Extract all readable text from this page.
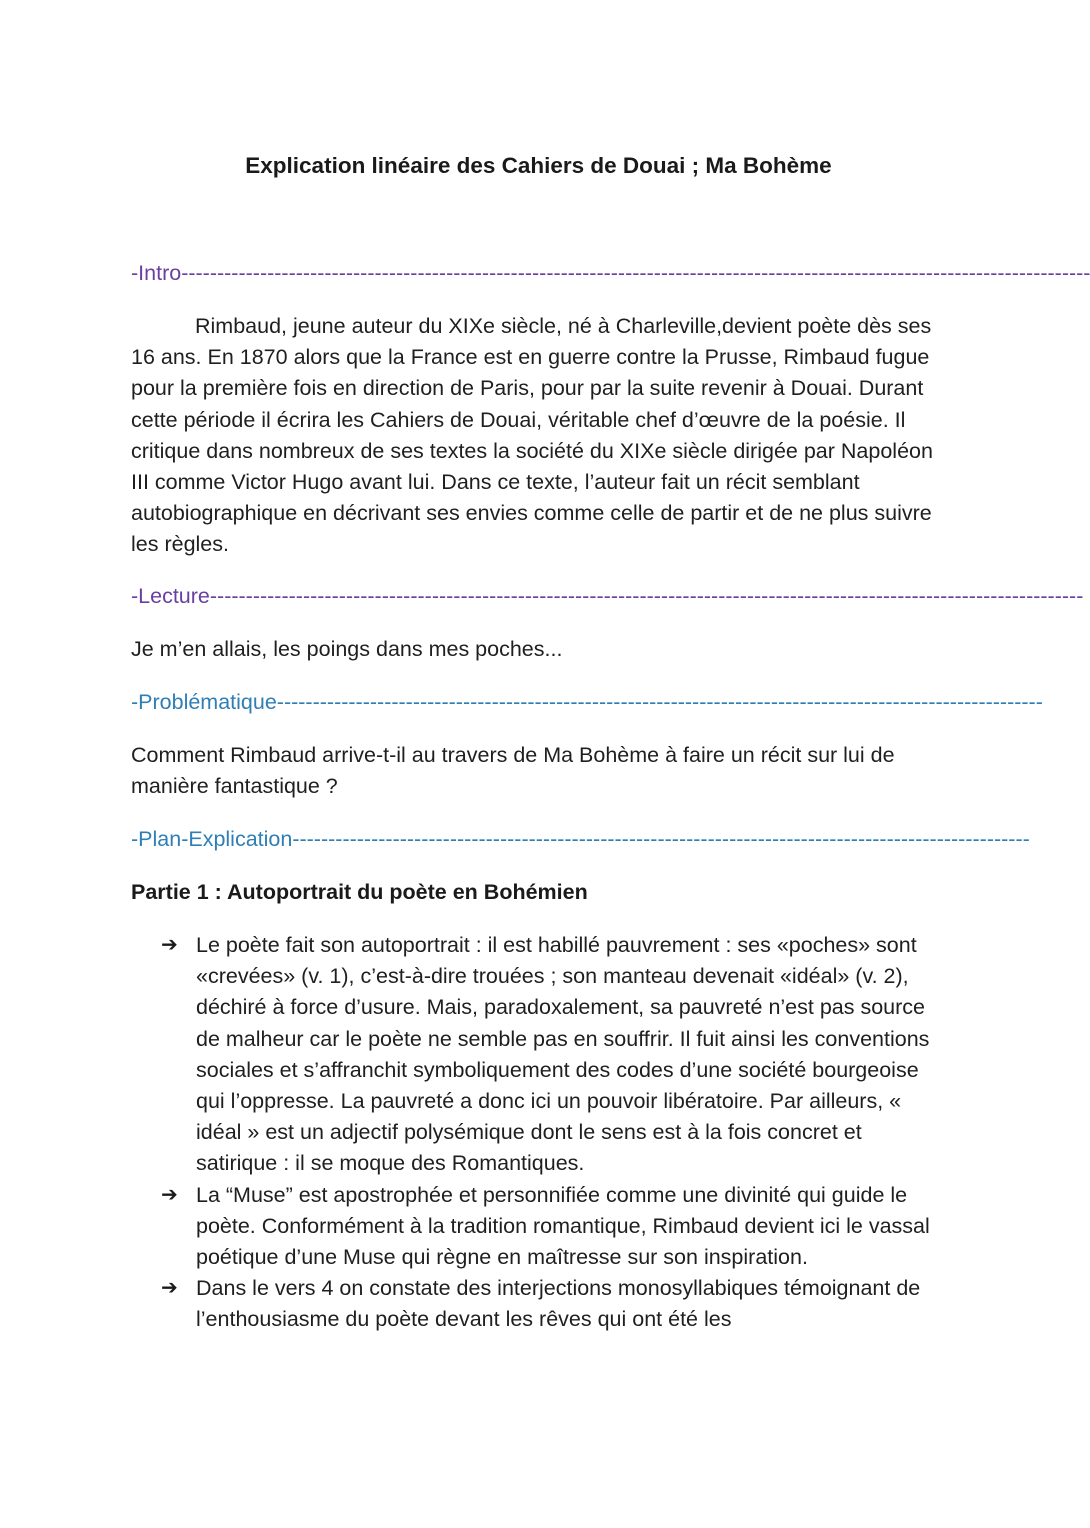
Explication linéaire des Cahiers de Douai ; Ma Bohème

-Intro-------------------------------------------------------------------------------------------------------------------------------

Rimbaud, jeune auteur du XIXe siècle, né à Charleville,devient poète dès ses 16 ans. En 1870 alors que la France est en guerre contre la Prusse, Rimbaud fugue pour la première fois en direction de Paris, pour par la suite revenir à Douai. Durant cette période il écrira les Cahiers de Douai, véritable chef d’œuvre de la poésie. Il critique dans nombreux de ses textes la société du XIXe siècle dirigée par Napoléon III comme Victor Hugo avant lui. Dans ce texte, l’auteur fait un récit semblant autobiographique en décrivant ses envies comme celle de partir et de ne plus suivre les règles.

-Lecture--------------------------------------------------------------------------------------------------------------------------

Je m’en allais, les poings dans mes poches...

-Problématique-----------------------------------------------------------------------------------------------------------

Comment Rimbaud arrive-t-il au travers de Ma Bohème à faire un récit sur lui de manière fantastique ?

-Plan-Explication-------------------------------------------------------------------------------------------------------

Partie 1 : Autoportrait du poète en Bohémien
➔ Le poète fait son autoportrait : il est habillé pauvrement : ses «poches» sont «crevées» (v. 1), c’est-à-dire trouées ; son manteau devenait «idéal» (v. 2), déchiré à force d’usure. Mais, paradoxalement, sa pauvreté n’est pas source de malheur car le poète ne semble pas en souffrir. Il fuit ainsi les conventions sociales et s’affranchit symboliquement des codes d’une société bourgeoise qui l’oppresse. La pauvreté a donc ici un pouvoir libératoire. Par ailleurs, « idéal » est un adjectif polysémique dont le sens est à la fois concret et satirique : il se moque des Romantiques.
➔ La “Muse” est apostrophée et personnifiée comme une divinité qui guide le poète. Conformément à la tradition romantique, Rimbaud devient ici le vassal poétique d’une Muse qui règne en maîtresse sur son inspiration.
➔ Dans le vers 4 on constate des interjections monosyllabiques témoignant de l’enthousiasme du poète devant les rêves qui ont été les
